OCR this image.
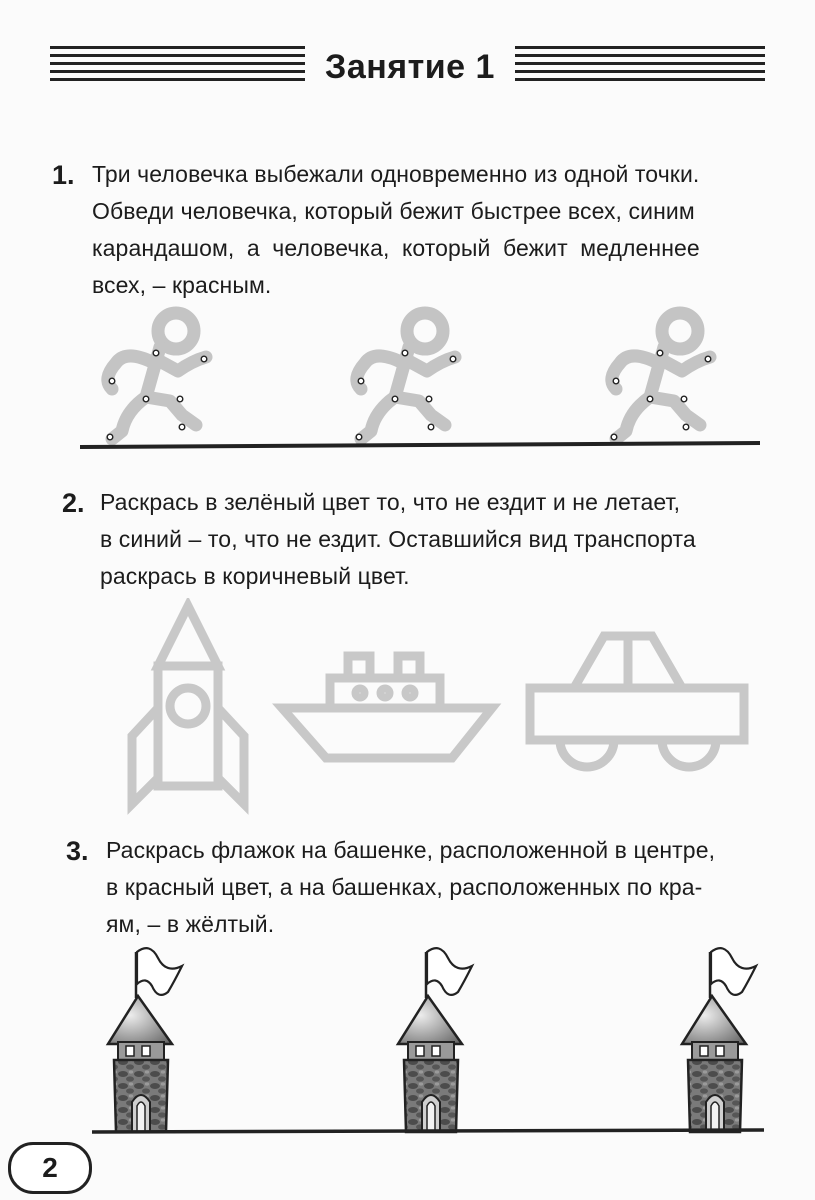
Занятие 1
1. Три человечка выбежали одновременно из одной точки.
Обведи человечка, который бежит быстрее всех, синим
карандашом, а человечка, который бежит медленнее
всех, – красным.

2. Раскрась в зелёный цвет то, что не ездит и не летает,
в синий – то, что не ездит. Оставшийся вид транспорта
раскрась в коричневый цвет.

3. Раскрась флажок на башенке, расположенной в центре,
в красный цвет, а на башенках, расположенных по кра-
ям, – в жёлтый.

2
